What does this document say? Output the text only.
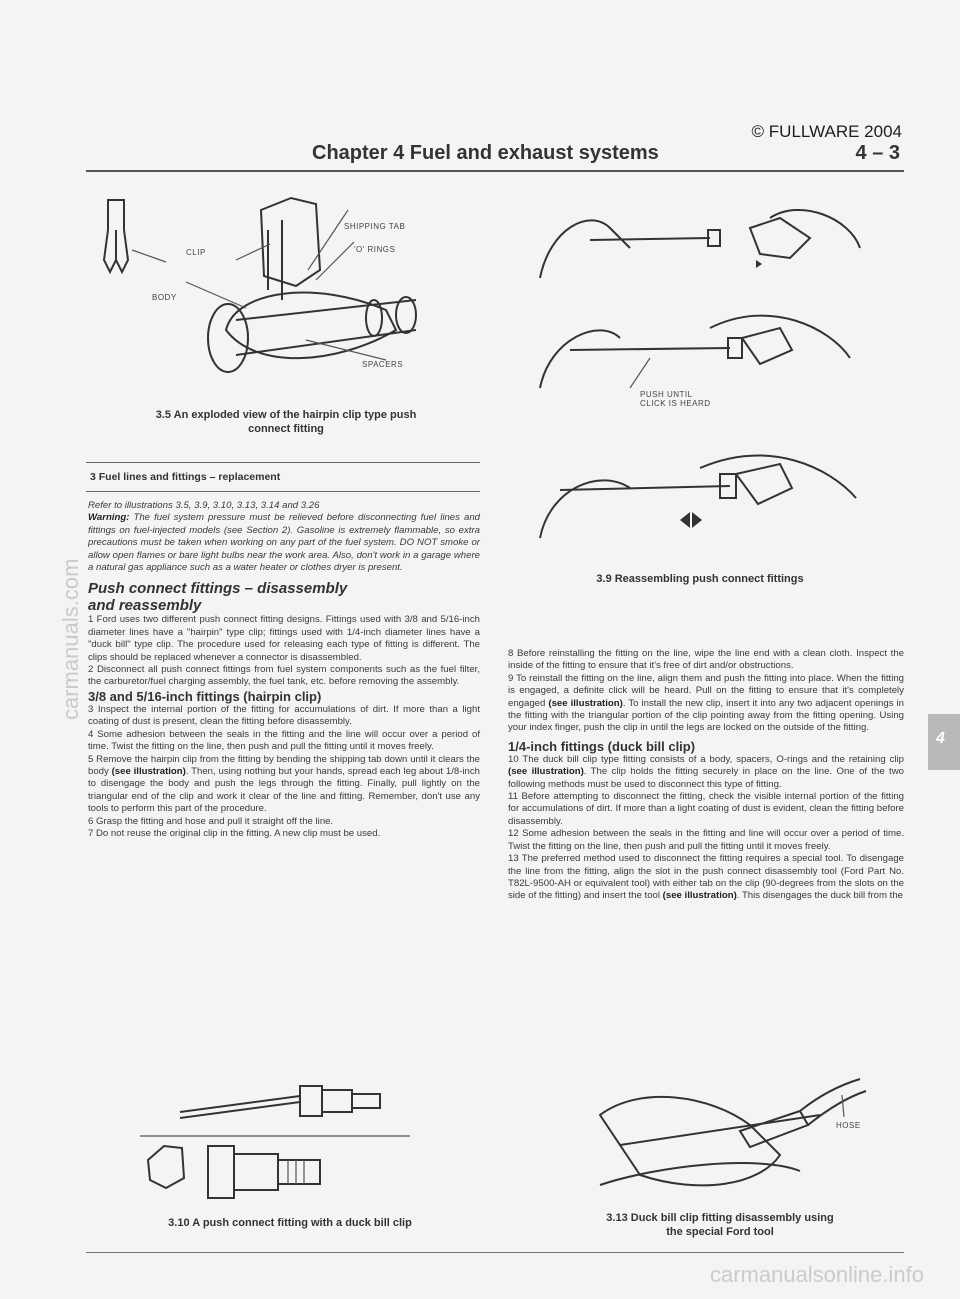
© FULLWARE 2004
Chapter 4 Fuel and exhaust systems	4 – 3
SHIPPING TAB
'O' RINGS
CLIP
BODY
SPACERS
3.5 An exploded view of the hairpin clip type push
connect fitting
PUSH UNTIL
CLICK IS HEARD
3.9 Reassembling push connect fittings
3 Fuel lines and fittings – replacement

Refer to illustrations 3.5, 3.9, 3.10, 3.13, 3.14 and 3.26

Warning: The fuel system pressure must be relieved before disconnecting fuel lines and fittings on fuel-injected models (see Section 2). Gasoline is extremely flammable, so extra precautions must be taken when working on any part of the fuel system. DO NOT smoke or allow open flames or bare light bulbs near the work area. Also, don't work in a garage where a natural gas appliance such as a water heater or clothes dryer is present.

Push connect fittings – disassembly
and reassembly

1 Ford uses two different push connect fitting designs. Fittings used with 3/8 and 5/16-inch diameter lines have a "hairpin" type clip; fittings used with 1/4-inch diameter lines have a "duck bill" type clip. The procedure used for releasing each type of fitting is different. The clips should be replaced whenever a connector is disassembled.

2 Disconnect all push connect fittings from fuel system components such as the fuel filter, the carburetor/fuel charging assembly, the fuel tank, etc. before removing the assembly.

3/8 and 5/16-inch fittings (hairpin clip)

3 Inspect the internal portion of the fitting for accumulations of dirt. If more than a light coating of dust is present, clean the fitting before disassembly.

4 Some adhesion between the seals in the fitting and the line will occur over a period of time. Twist the fitting on the line, then push and pull the fitting until it moves freely.

5 Remove the hairpin clip from the fitting by bending the shipping tab down until it clears the body (see illustration). Then, using nothing but your hands, spread each leg about 1/8-inch to disengage the body and push the legs through the fitting. Finally, pull lightly on the triangular end of the clip and work it clear of the line and fitting. Remember, don't use any tools to perform this part of the procedure.

6 Grasp the fitting and hose and pull it straight off the line.

7 Do not reuse the original clip in the fitting. A new clip must be used.

8 Before reinstalling the fitting on the line, wipe the line end with a clean cloth. Inspect the inside of the fitting to ensure that it's free of dirt and/or obstructions.

9 To reinstall the fitting on the line, align them and push the fitting into place. When the fitting is engaged, a definite click will be heard. Pull on the fitting to ensure that it's completely engaged (see illustration). To install the new clip, insert it into any two adjacent openings in the fitting with the triangular portion of the clip pointing away from the fitting opening. Using your index finger, push the clip in until the legs are locked on the outside of the fitting.

1/4-inch fittings (duck bill clip)

10 The duck bill clip type fitting consists of a body, spacers, O-rings and the retaining clip (see illustration). The clip holds the fitting securely in place on the line. One of the two following methods must be used to disconnect this type of fitting.

11 Before attempting to disconnect the fitting, check the visible internal portion of the fitting for accumulations of dirt. If more than a light coating of dust is evident, clean the fitting before disassembly.

12 Some adhesion between the seals in the fitting and line will occur over a period of time. Twist the fitting on the line, then push and pull the fitting until it moves freely.

13 The preferred method used to disconnect the fitting requires a special tool. To disengage the line from the fitting, align the slot in the push connect disassembly tool (Ford Part No. T82L-9500-AH or equivalent tool) with either tab on the clip (90-degrees from the slots on the side of the fitting) and insert the tool (see illustration). This disengages the duck bill from the

4
3.10 A push connect fitting with a duck bill clip
HOSE
3.13 Duck bill clip fitting disassembly using
the special Ford tool
carmanuals.com
carmanualsonline.info
